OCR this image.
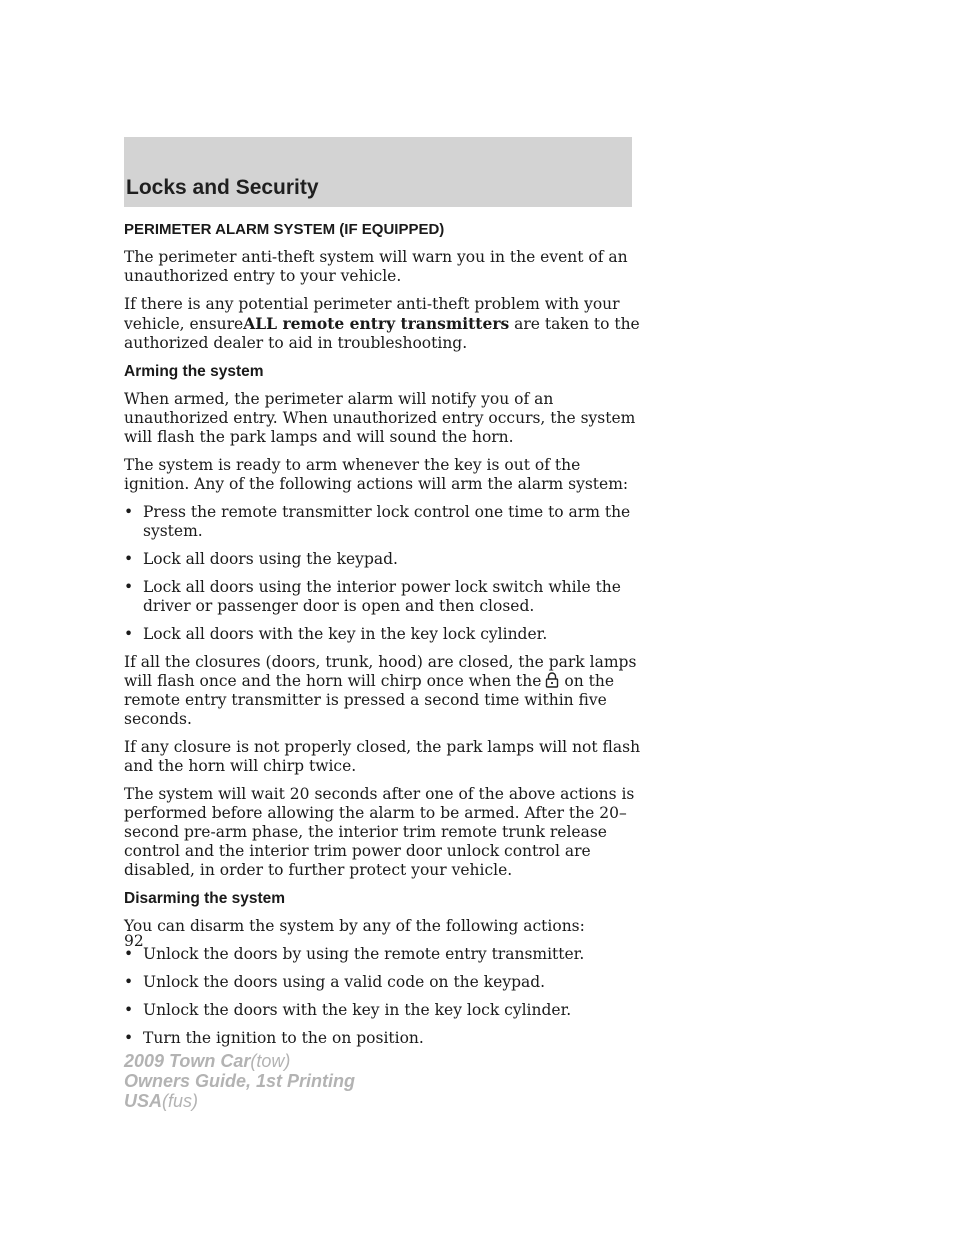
Locks and Security
PERIMETER ALARM SYSTEM (IF EQUIPPED)

The perimeter anti-theft system will warn you in the event of an unauthorized entry to your vehicle.

If there is any potential perimeter anti-theft problem with your vehicle, ensureALL remote entry transmitters are taken to the authorized dealer to aid in troubleshooting.

Arming the system

When armed, the perimeter alarm will notify you of an unauthorized entry. When unauthorized entry occurs, the system will flash the park lamps and will sound the horn.

The system is ready to arm whenever the key is out of the ignition. Any of the following actions will arm the alarm system:

• Press the remote transmitter lock control one time to arm the system.
• Lock all doors using the keypad.
• Lock all doors using the interior power lock switch while the driver or passenger door is open and then closed.
• Lock all doors with the key in the key lock cylinder.

If all the closures (doors, trunk, hood) are closed, the park lamps will flash once and the horn will chirp once when the on the remote entry transmitter is pressed a second time within five seconds.

If any closure is not properly closed, the park lamps will not flash and the horn will chirp twice.

The system will wait 20 seconds after one of the above actions is performed before allowing the alarm to be armed. After the 20–second pre-arm phase, the interior trim remote trunk release control and the interior trim power door unlock control are disabled, in order to further protect your vehicle.

Disarming the system

You can disarm the system by any of the following actions:

• Unlock the doors by using the remote entry transmitter.
• Unlock the doors using a valid code on the keypad.
• Unlock the doors with the key in the key lock cylinder.
• Turn the ignition to the on position.
92
2009 Town Car(tow)
Owners Guide, 1st Printing
USA(fus)
